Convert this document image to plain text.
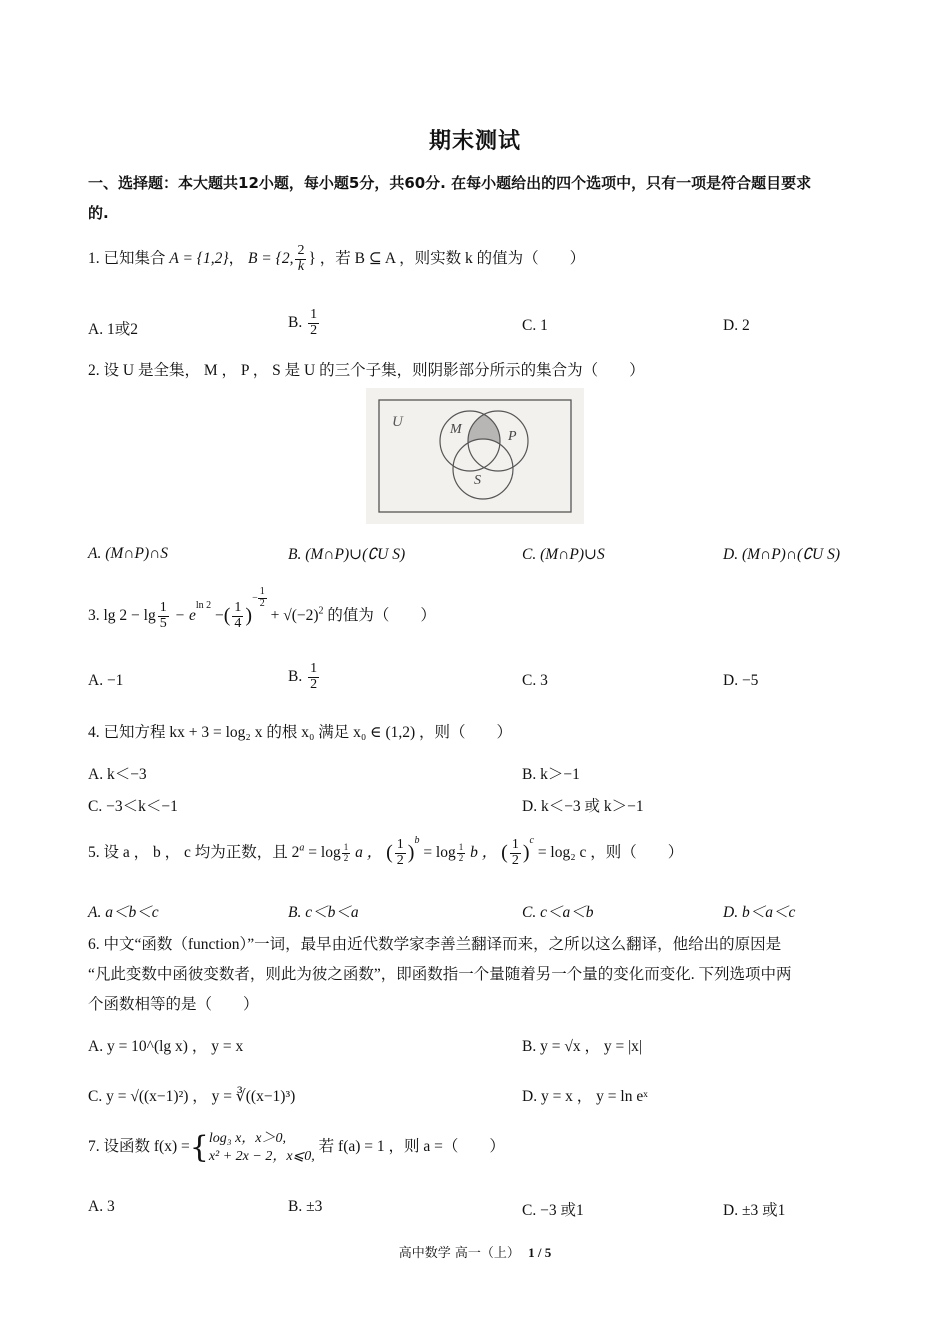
期末测试
一、选择题：本大题共12小题，每小题5分，共60分. 在每小题给出的四个选项中，只有一项是符合题目要求
的.
1. 已知集合 A = {1,2}， B = {2, $\frac{2}{k}$ } ，若 B ⊆ A ，则实数 k 的值为（　　）
A. 1或2	B. $\frac{1}{2}$	C. 1	D. 2
2. 设 U 是全集， M ， P ， S 是 U 的三个子集，则阴影部分所示的集合为（　　）
U	M	P
S
A. (M∩P)∩S	B. (M∩P)∪(∁U S)	C. (M∩P)∪S	D. (M∩P)∩(∁U S)
3. $\lg 2 - \lg \frac{1}{5} - e^{ln 2}$ −( $\frac{1}{4}$ )− $\frac{1}{2}$
+ $√(-2)^2$ 的值为（　　）
A. −1	B. $\frac{1}{2}$	C. 3	D. −5
4. 已知方程 kx + 3 = log₂ x 的根 x₀ 满足 x₀ ∈ (1,2) ，则（　　）
A. k＜−3	B. k＞−1
C. −3＜k＜−1	D. k＜−3 或 k＞−1
5. 设 a ， b ， c 均为正数，且 $2^a = \log \frac{1}{2}$ a ， ( $\frac{1}{2} )^b = \log \frac{1}{2}$ b ， ( $\frac{1}{2} )^c = \log_2$ c ，则（　　）
A. a＜b＜c	B. c＜b＜a	C. c＜a＜b	D. b＜a＜c
6. 中文“函数（function）”一词，最早由近代数学家李善兰翻译而来，之所以这么翻译，他给出的原因是
“凡此变数中函彼变数者，则此为彼之函数”，即函数指一个量随着另一个量的变化而变化. 下列选项中两
个函数相等的是（　　）
A. y = 10^(lg x) ， y = x	B. y = √x ， y = |x|
C. y = √((x−1)²) ， y = ∛((x−1)³)	D. y = x ， y = ln eˣ
7. 设函数 f(x) ={ log₃ x，x＞0,
x² + 2x − 2，x⩽0,
若 f(a) = 1 ，则 a =（　　）
A. 3	B. ±3	C. −3 或1	D. ±3 或1
高中数学 高一（上） 1 / 5
